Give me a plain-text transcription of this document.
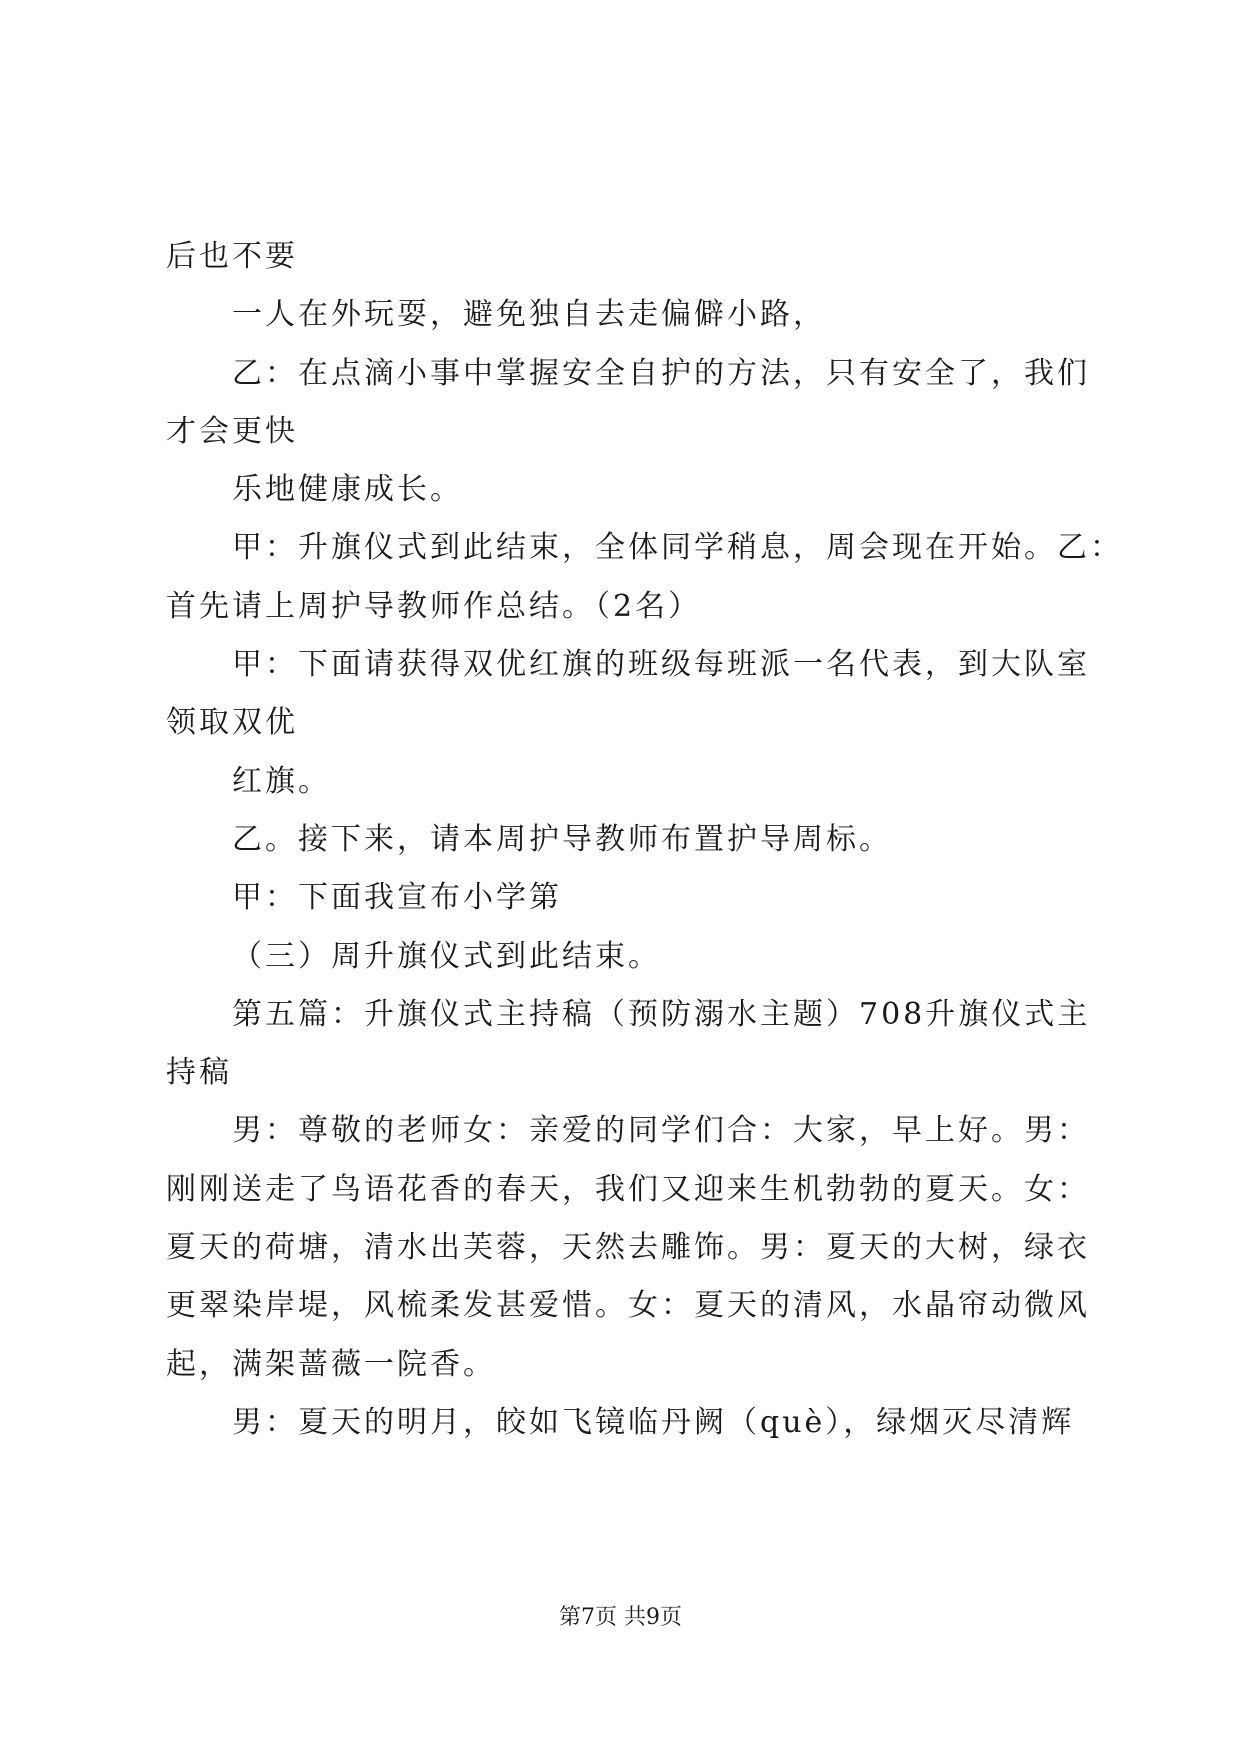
后也不要
一人在外玩耍，避免独自去走偏僻小路，
乙：在点滴小事中掌握安全自护的方法，只有安全了，我们
才会更快
乐地健康成长。
甲：升旗仪式到此结束，全体同学稍息，周会现在开始。乙：
首先请上周护导教师作总结。（2名）
甲：下面请获得双优红旗的班级每班派一名代表，到大队室
领取双优
红旗。
乙。接下来，请本周护导教师布置护导周标。
甲：下面我宣布小学第
（三）周升旗仪式到此结束。
第五篇：升旗仪式主持稿（预防溺水主题）708升旗仪式主
持稿
男：尊敬的老师女：亲爱的同学们合：大家，早上好。男：
刚刚送走了鸟语花香的春天，我们又迎来生机勃勃的夏天。女：
夏天的荷塘，清水出芙蓉，天然去雕饰。男：夏天的大树，绿衣
更翠染岸堤，风梳柔发甚爱惜。女：夏天的清风，水晶帘动微风
起，满架蔷薇一院香。
男：夏天的明月，皎如飞镜临丹阙（què），绿烟灭尽清辉
第7页 共9页
